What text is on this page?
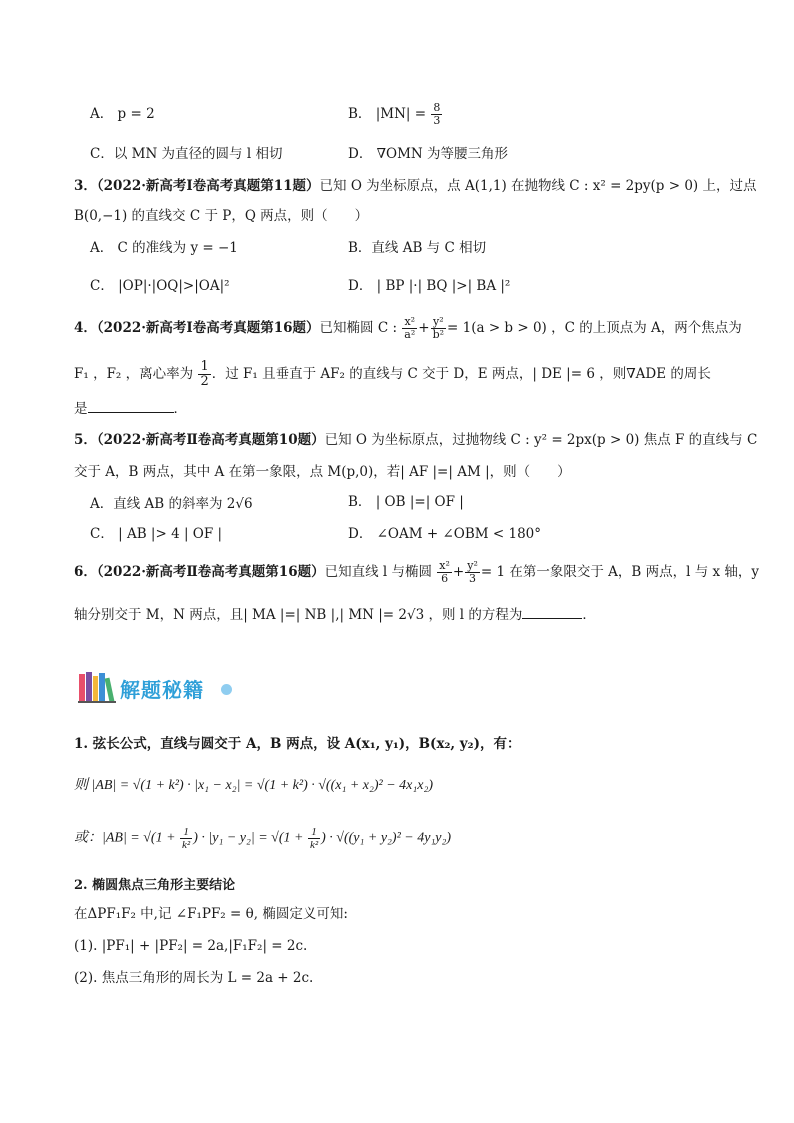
A． p = 2	B． $|MN| = \frac{8}{3}$
C．以 MN 为直径的圆与 l 相切	D． ∇OMN 为等腰三角形
3．（2022·新高考Ⅰ卷高考真题第11题）已知 O 为坐标原点，点 A(1,1) 在抛物线 C : x² = 2py(p > 0) 上，过点
B(0,−1) 的直线交 C 于 P，Q 两点，则（　　）
A． C 的准线为 y = −1	B．直线 AB 与 C 相切
C． |OP|·|OQ|>|OA|²	D． | BP |·| BQ |>| BA |²
4．（2022·新高考Ⅰ卷高考真题第16题）已知椭圆 C : $\frac{\text{x²}}{\text{a²}} + \frac{\text{y²}}{\text{b²}} = 1(a > b > 0)$ ，C 的上顶点为 A，两个焦点为
F₁ ，F₂ ，离心率为 $\frac{1}{2}$ ．过 F₁ 且垂直于 AF₂ 的直线与 C 交于 D，E 两点，| DE |= 6 ，则∇ADE 的周长
是	．
5．（2022·新高考Ⅱ卷高考真题第10题）已知 O 为坐标原点，过抛物线 C : y² = 2px(p > 0) 焦点 F 的直线与 C
交于 A，B 两点，其中 A 在第一象限，点 M(p,0)，若| AF |=| AM |，则（　　）
A．直线 AB 的斜率为 2√6	B． | OB |=| OF |
C． | AB |> 4 | OF |	D． ∠OAM + ∠OBM < 180°
6．（2022·新高考Ⅱ卷高考真题第16题）已知直线 l 与椭圆 $\frac{\text{x²}}{6} + \frac{\text{y²}}{3} = 1$ 在第一象限交于 A，B 两点，l 与 x 轴，y
轴分别交于 M，N 两点，且| MA |=| NB |,| MN |= 2√3 ，则 l 的方程为	．
解题秘籍
1. 弦长公式，直线与圆交于 A，B 两点，设 A(x₁, y₁)，B(x₂, y₂)，有：
则 |AB| = √(1 + k²) · |x₁ − x₂| = √(1 + k²) · √((x₁ + x₂)² − 4x₁x₂)
或：$|AB| = √(1 + \frac{1}{\text{k²}}$ ) · $|y_1 - y_2| = √(1 + \frac{1}{\text{k²}}$ ) · √((y₁ + y₂)² − 4y₁y₂)
2. 椭圆焦点三角形主要结论
在ΔPF₁F₂ 中,记 ∠F₁PF₂ = θ, 椭圆定义可知:
(1). |PF₁| + |PF₂| = 2a,|F₁F₂| = 2c.
(2). 焦点三角形的周长为 L = 2a + 2c.
